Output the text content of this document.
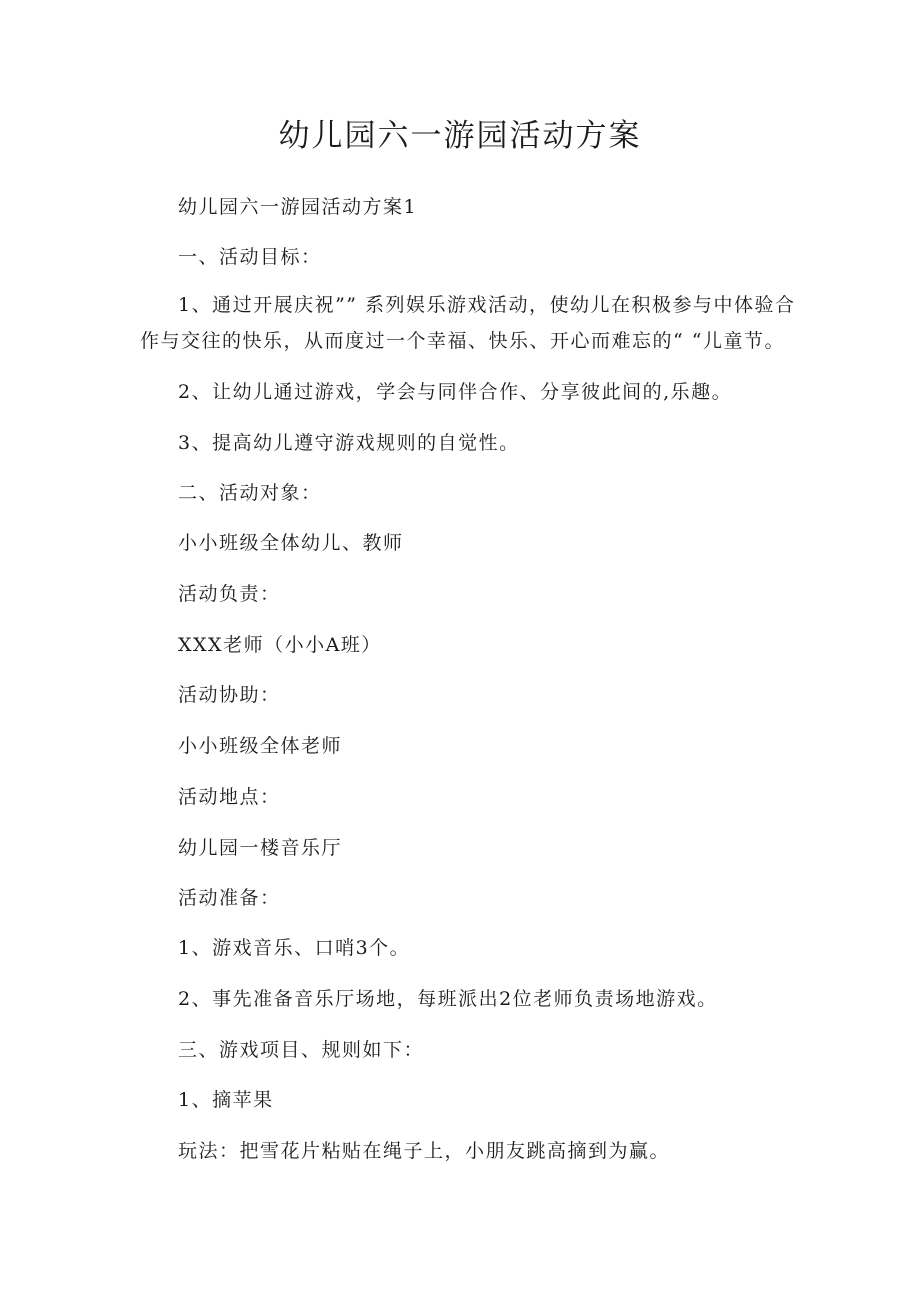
幼儿园六一游园活动方案

幼儿园六一游园活动方案1

一、活动目标：

1、通过开展庆祝”” 系列娱乐游戏活动，使幼儿在积极参与中体验合作与交往的快乐，从而度过一个幸福、快乐、开心而难忘的“ “儿童节。

2、让幼儿通过游戏，学会与同伴合作、分享彼此间的,乐趣。

3、提高幼儿遵守游戏规则的自觉性。

二、活动对象：

小小班级全体幼儿、教师

活动负责：

XXX老师（小小A班）

活动协助：

小小班级全体老师

活动地点：

幼儿园一楼音乐厅

活动准备：

1、游戏音乐、口哨3个。

2、事先准备音乐厅场地，每班派出2位老师负责场地游戏。

三、游戏项目、规则如下：

1、摘苹果

玩法：把雪花片粘贴在绳子上，小朋友跳高摘到为赢。
